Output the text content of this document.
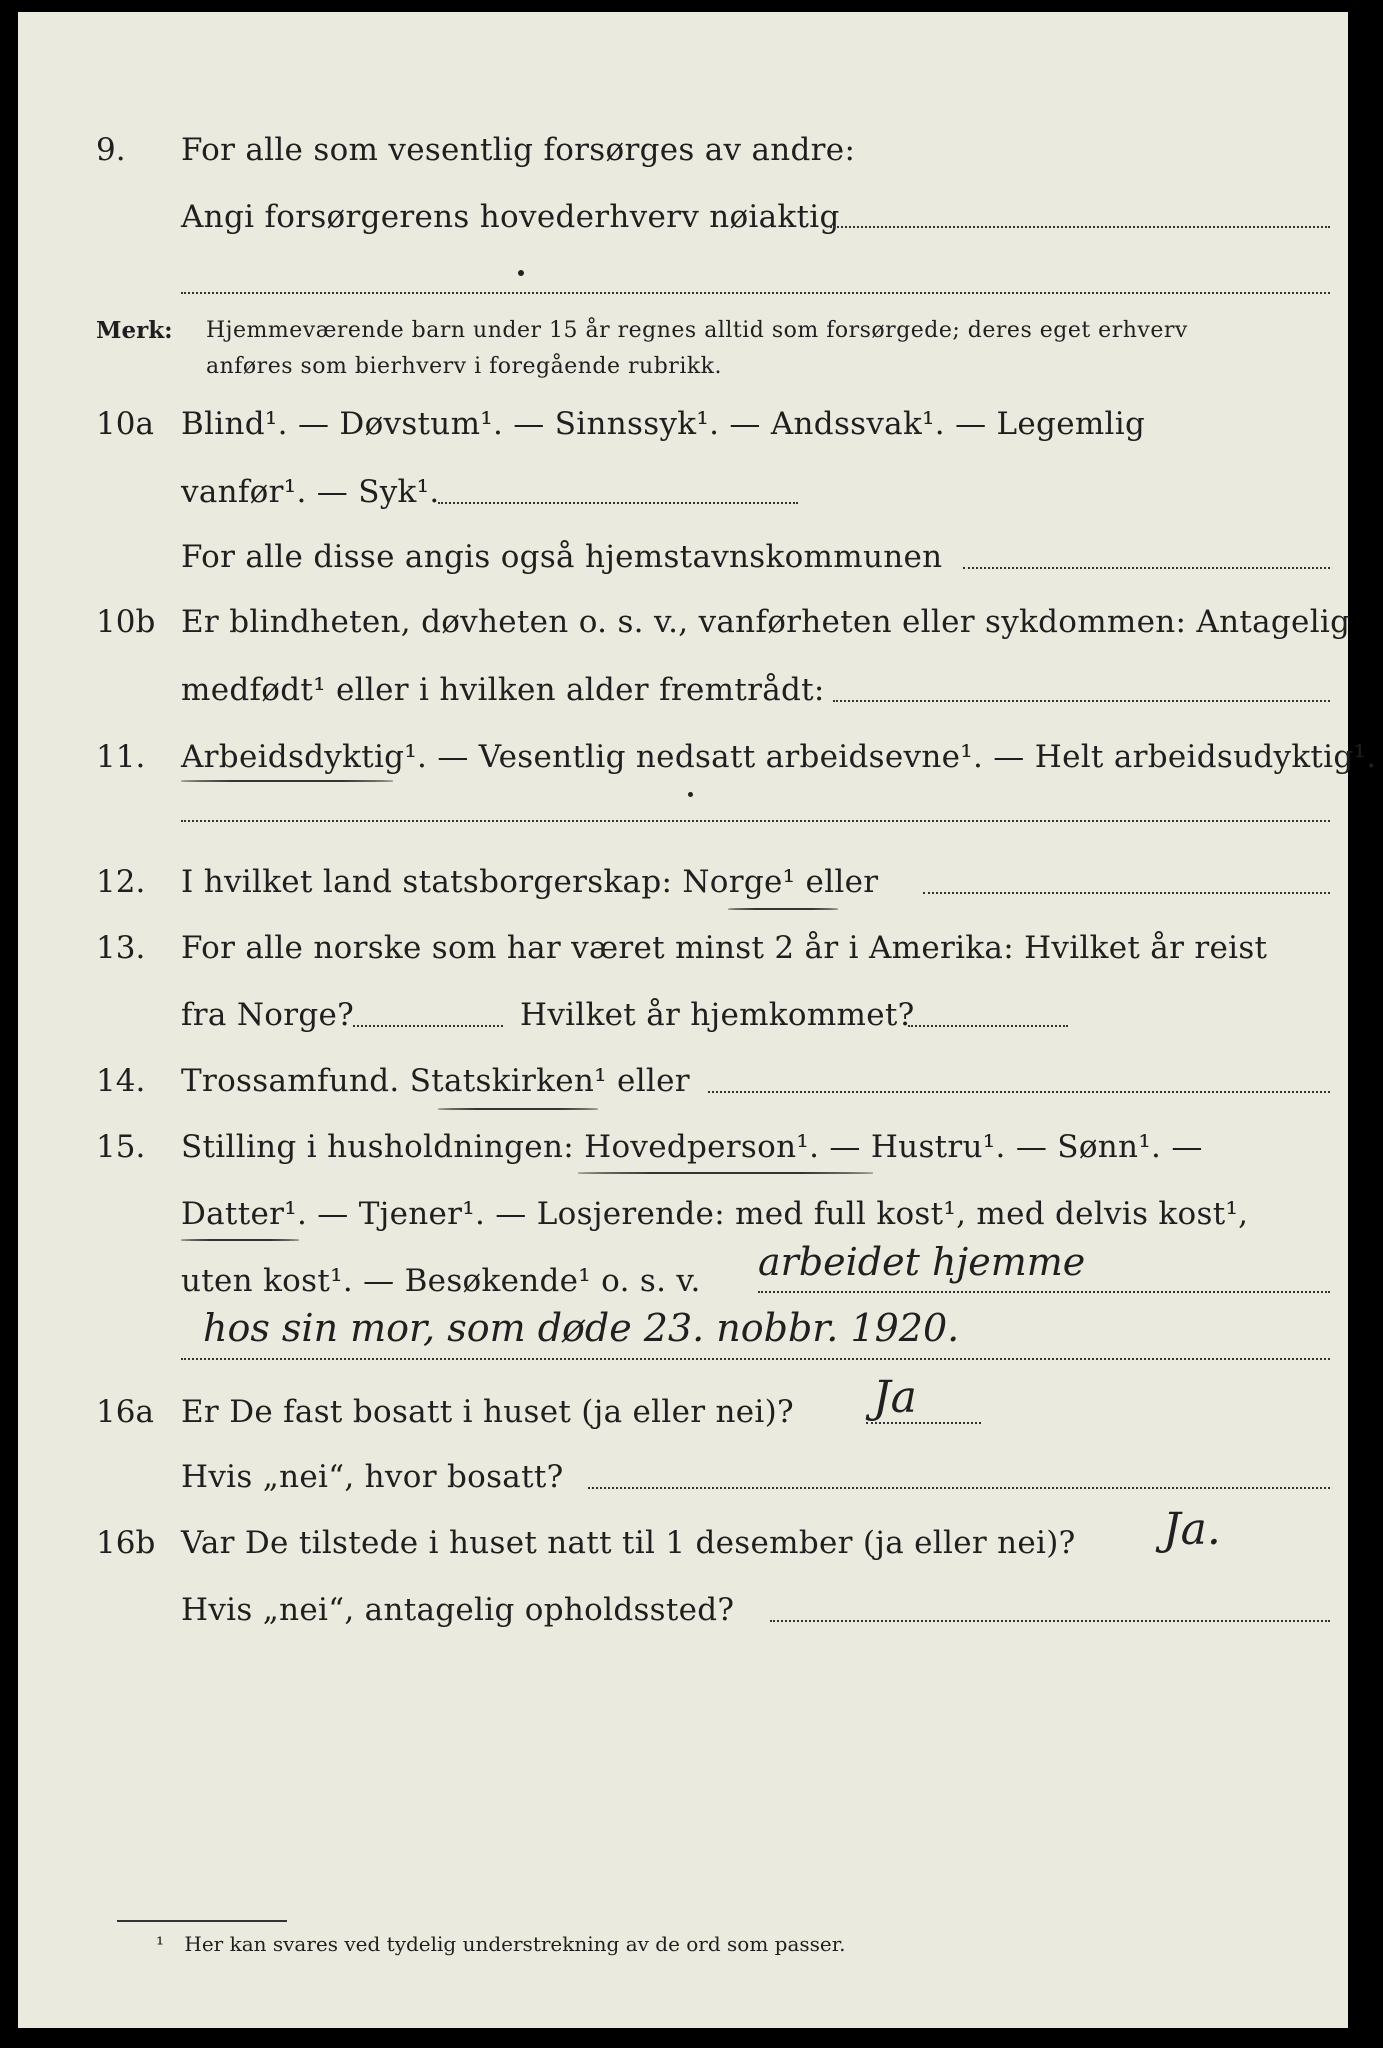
9. For alle som vesentlig forsørges av andre:
Angi forsørgerens hovederhverv nøiaktig
Merk: Hjemmeværende barn under 15 år regnes alltid som forsørgede; deres eget erhverv
anføres som bierhverv i foregående rubrikk.
10a Blind¹. — Døvstum¹. — Sinnssyk¹. — Andssvak¹. — Legemlig
vanfør¹. — Syk¹.
For alle disse angis også hjemstavnskommunen
10b Er blindheten, døvheten o. s. v., vanførheten eller sykdommen: Antagelig
medfødt¹ eller i hvilken alder fremtrådt:
11. Arbeidsdyktig¹. — Vesentlig nedsatt arbeidsevne¹. — Helt arbeidsudyktig¹.
12. I hvilket land statsborgerskap: Norge¹ eller
13. For alle norske som har været minst 2 år i Amerika: Hvilket år reist
fra Norge?	Hvilket år hjemkommet?
14. Trossamfund. Statskirken¹ eller
15. Stilling i husholdningen: Hovedperson¹. — Hustru¹. — Sønn¹. —
Datter¹. — Tjener¹. — Losjerende: med full kost¹, med delvis kost¹,
uten kost¹. — Besøkende¹ o. s. v. arbeidet hjemme
hos sin mor, som døde 23. nobbr. 1920.
16a Er De fast bosatt i huset (ja eller nei)? Ja
Hvis „nei“, hvor bosatt?
16b Var De tilstede i huset natt til 1 desember (ja eller nei)? Ja.
Hvis „nei“, antagelig opholdssted?
¹ Her kan svares ved tydelig understrekning av de ord som passer.
